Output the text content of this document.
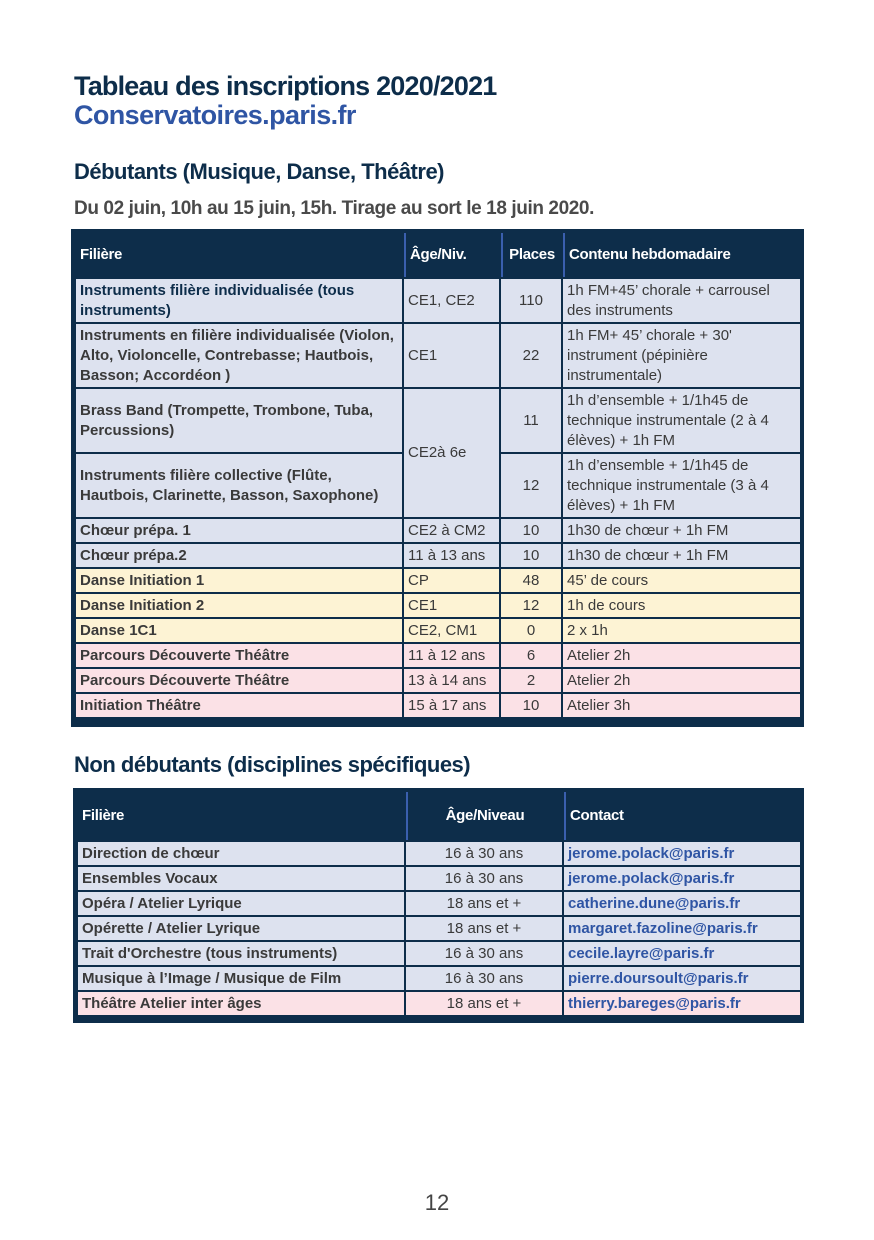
Tableau des inscriptions 2020/2021
Conservatoires.paris.fr
Débutants (Musique, Danse, Théâtre)
Du 02 juin, 10h au 15 juin, 15h. Tirage au sort le 18 juin 2020.
Filière	Âge/Niv.	Places	Contenu hebdomadaire
Instruments filière individualisée (tous instruments)	CE1, CE2	110	1h FM+45’ chorale + carrousel des instruments
Instruments en filière individualisée (Violon, Alto, Violoncelle, Contrebasse; Hautbois, Basson; Accordéon )	CE1	22	1h FM+ 45’ chorale + 30' instrument (pépinière instrumentale)
Brass Band (Trompette, Trombone, Tuba, Percussions)	CE2à 6e	11	1h d’ensemble + 1/1h45 de technique instrumentale (2 à 4 élèves) + 1h FM
Instruments filière collective (Flûte, Hautbois, Clarinette, Basson, Saxophone)		12	1h d’ensemble + 1/1h45 de technique instrumentale (3 à 4 élèves) + 1h FM
Chœur prépa. 1	CE2 à CM2	10	1h30 de chœur + 1h FM
Chœur prépa.2	11 à 13 ans	10	1h30 de chœur + 1h FM
Danse Initiation 1	CP	48	45’ de cours
Danse Initiation 2	CE1	12	1h de cours
Danse 1C1	CE2, CM1	0	2 x 1h
Parcours Découverte Théâtre	11 à 12 ans	6	Atelier 2h
Parcours Découverte Théâtre	13 à 14 ans	2	Atelier 2h
Initiation Théâtre	15 à 17 ans	10	Atelier 3h
Non débutants (disciplines spécifiques)
Filière	Âge/Niveau	Contact
Direction de chœur	16 à 30 ans	jerome.polack@paris.fr
Ensembles Vocaux	16 à 30 ans	jerome.polack@paris.fr
Opéra / Atelier Lyrique	18 ans et +	catherine.dune@paris.fr
Opérette / Atelier Lyrique	18 ans et +	margaret.fazoline@paris.fr
Trait d'Orchestre (tous instruments)	16 à 30 ans	cecile.layre@paris.fr
Musique à l’Image / Musique de Film	16 à 30 ans	pierre.doursoult@paris.fr
Théâtre Atelier inter âges	18 ans et +	thierry.bareges@paris.fr
12
